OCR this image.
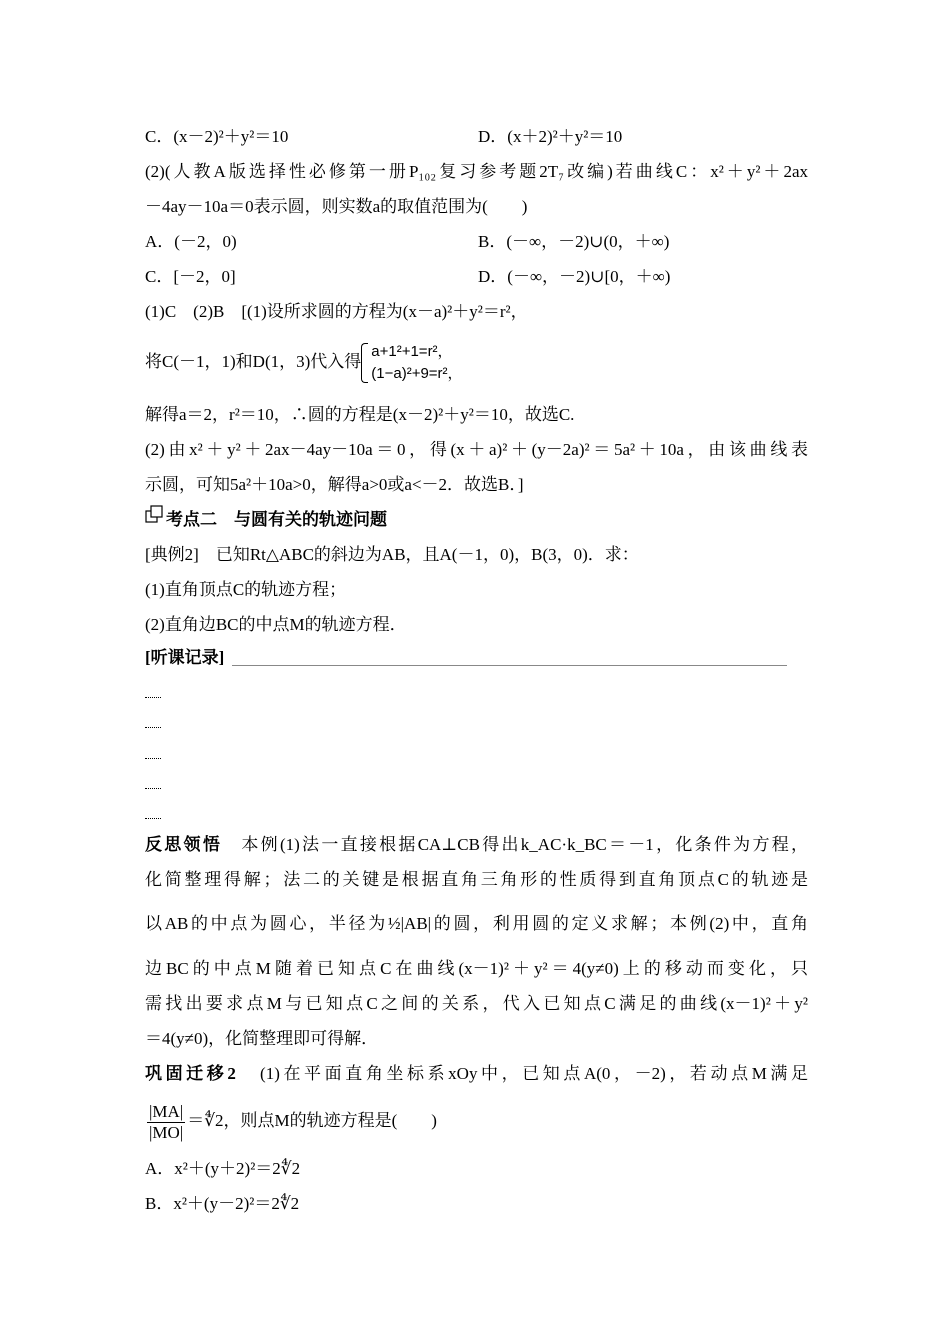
C．(x－2)²＋y²＝10	D．(x＋2)²＋y²＝10
(2)(人教A版选择性必修第一册P₁₀₂复习参考题2T₇改编)若曲线C：x²＋y²＋2ax
－4ay－10a＝0表示圆，则实数a的取值范围为(　　)
A．(－2，0)	B．(－∞，－2)∪(0，＋∞)
C．[－2，0]	D．(－∞，－2)∪[0，＋∞)
(1)C　(2)B　[(1)设所求圆的方程为(x－a)²＋y²＝r²，
将C(－1，1)和D(1，3)代入得
a+1²+1=r²，
(1−a)²+9=r²，
解得a＝2，r²＝10，∴圆的方程是(x－2)²＋y²＝10，故选C.
(2)由x²＋y²＋2ax－4ay－10a＝0，得(x＋a)²＋(y－2a)²＝5a²＋10a，由该曲线表
示圆，可知5a²＋10a>0，解得a>0或a<－2．故选B．]
考点二　与圆有关的轨迹问题
[典例2]　 已知Rt△ABC的斜边为AB，且A(－1，0)，B(3，0)．求：
(1)直角顶点C的轨迹方程；
(2)直角边BC的中点M的轨迹方程．
[听课记录]
反思领悟　 本例(1)法一直接根据CA⊥CB得出k_AC·k_BC＝－1，化条件为方程，
化简整理得解；法二的关键是根据直角三角形的性质得到直角顶点C的轨迹是
以AB的中点为圆心，半径为½|AB|的圆，利用圆的定义求解；本例(2)中，直角
边BC的中点M随着已知点C在曲线(x－1)²＋y²＝4(y≠0)上的移动而变化，只
需找出要求点M与已知点C之间的关系，代入已知点C满足的曲线(x－1)²＋y²
＝4(y≠0)，化简整理即可得解．
巩固迁移2　 (1)在平面直角坐标系xOy中，已知点A(0，－2)，若动点M满足
$\frac{|MA|}{|MO|}$ ＝∜2，则点M的轨迹方程是(　　)
A．x²＋(y＋2)²＝2∜2
B．x²＋(y－2)²＝2∜2
